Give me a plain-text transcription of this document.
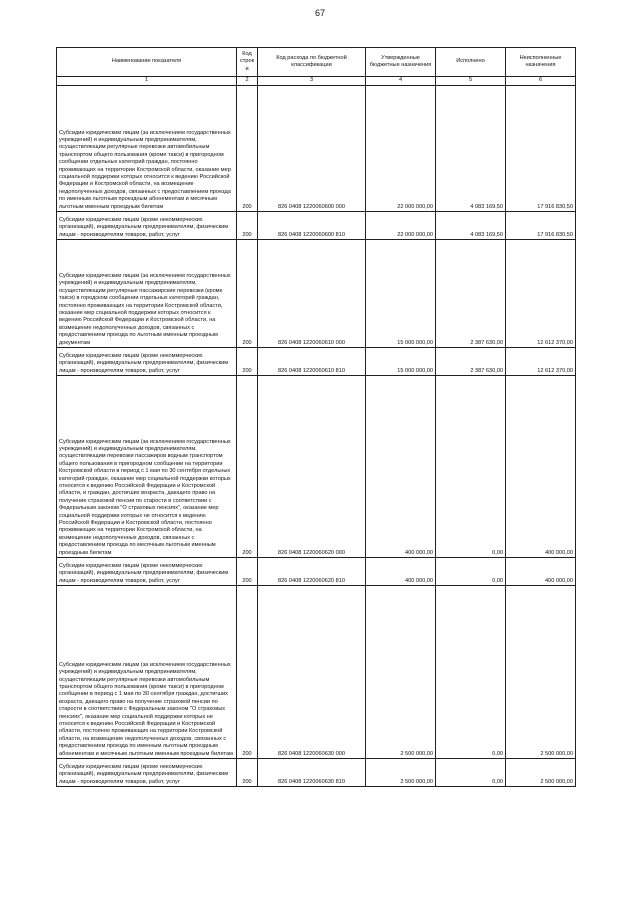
67
Наименование показателя	Код строк и	Код расхода по бюджетной классификации	Утвержденные бюджетные назначения	Исполнено	Неисполненные назначения
1	2	3	4	5	6
Субсидии юридическим лицам (за исключением государственных учреждений) и индивидуальным предпринимателям, осуществляющим регулярные перевозки автомобильным транспортом общего пользования (кроме такси) в пригородном сообщении отдельных категорий граждан, постоянно проживающих на территории Костромской области, оказание мер социальной поддержки которых относится к ведению Российской Федерации и Костромской области, на возмещение недополученных доходов, связанных с предоставлением проезда по именным льготным проездным абонементам и месячным льготным именным проездным билетам	200	826 0408 1220060600 000	22 000 000,00	4 083 169,50	17 916 830,50
Субсидии юридическим лицам (кроме некоммерческих организаций), индивидуальным предпринимателям, физическим лицам - производителям товаров, работ, услуг	200	826 0408 1220060600 810	22 000 000,00	4 083 169,50	17 916 830,50
Субсидии юридическим лицам (за исключением государственных учреждений) и индивидуальным предпринимателям, осуществляющим регулярные пассажирские перевозки (кроме такси) в городском сообщении отдельных категорий граждан, постоянно проживающих на территории Костромской области, оказание мер социальной поддержки которых относится к ведению Российской Федерации и Костромской области, на возмещение недополученных доходов, связанных с предоставлением проезда по льготным именным проездным документам	200	826 0408 1220060610 000	15 000 000,00	2 387 630,00	12 612 370,00
Субсидии юридическим лицам (кроме некоммерческих организаций), индивидуальным предпринимателям, физическим лицам - производителям товаров, работ, услуг	200	826 0408 1220060610 810	15 000 000,00	2 387 630,00	12 612 370,00
Субсидии юридическим лицам (за исключением государственных учреждений) и индивидуальным предпринимателям, осуществляющим перевозки пассажиров водным транспортом общего пользования в пригородном сообщении на территории Костромской области в период с 1 мая по 30 сентября отдельных категорий граждан, оказание мер социальной поддержки которых относится к ведению Российской Федерации и Костромской области, и граждан, достигших возраста, дающего право на получение страховой пенсии по старости в соответствии с Федеральным законом "О страховых пенсиях", оказание мер социальной поддержки которых не относится к ведению Российской Федерации и Костромской области, постоянно проживающих на территории Костромской области, на возмещение недополученных доходов, связанных с предоставлением проезда по месячным льготным именным проездным билетам	200	826 0408 1220060620 000	400 000,00	0,00	400 000,00
Субсидии юридическим лицам (кроме некоммерческих организаций), индивидуальным предпринимателям, физическим лицам - производителям товаров, работ, услуг	200	826 0408 1220060620 810	400 000,00	0,00	400 000,00
Субсидии юридическим лицам (за исключением государственных учреждений) и индивидуальным предпринимателям, осуществляющим регулярные перевозки автомобильным транспортом общего пользования (кроме такси) в пригородном сообщении в период с 1 мая по 30 сентября граждан, достигших возраста, дающего право на получение страховой пенсии по старости в соответствии с Федеральным законом "О страховых пенсиях", оказание мер социальной поддержки которых не относится к ведению Российской Федерации и Костромской области, постоянно проживающих на территории Костромской области, на возмещение недополученных доходов, связанных с предоставлением проезда по именным льготным проездным абонементам и месячным льготным именным проездным билетам	200	826 0408 1220060630 000	2 500 000,00	0,00	2 500 000,00
Субсидии юридическим лицам (кроме некоммерческих организаций), индивидуальным предпринимателям, физическим лицам - производителям товаров, работ, услуг	200	826 0408 1220060630 810	2 500 000,00	0,00	2 500 000,00
